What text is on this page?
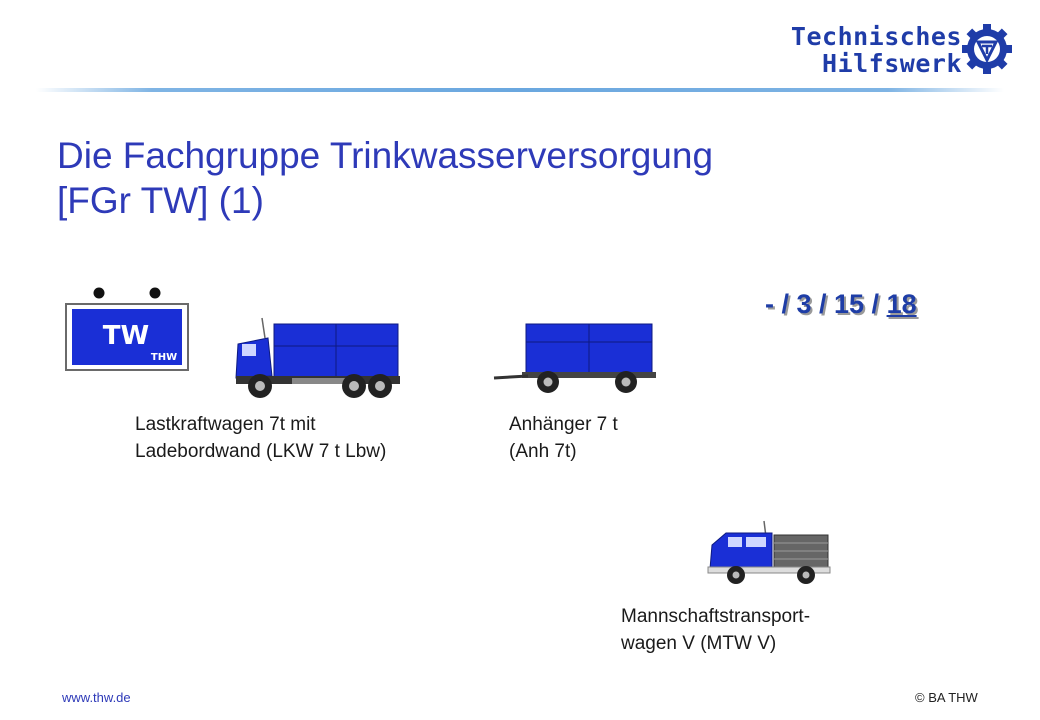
Technisches
Hilfswerk
Die Fachgruppe Trinkwasserversorgung
[FGr TW] (1)
TW
THW
- / 3 / 15 / 18
Lastkraftwagen 7t mit
Ladebordwand (LKW 7 t Lbw)
Anhänger 7 t
(Anh 7t)
Mannschaftstransport-
wagen V (MTW V)
www.thw.de	© BA THW
